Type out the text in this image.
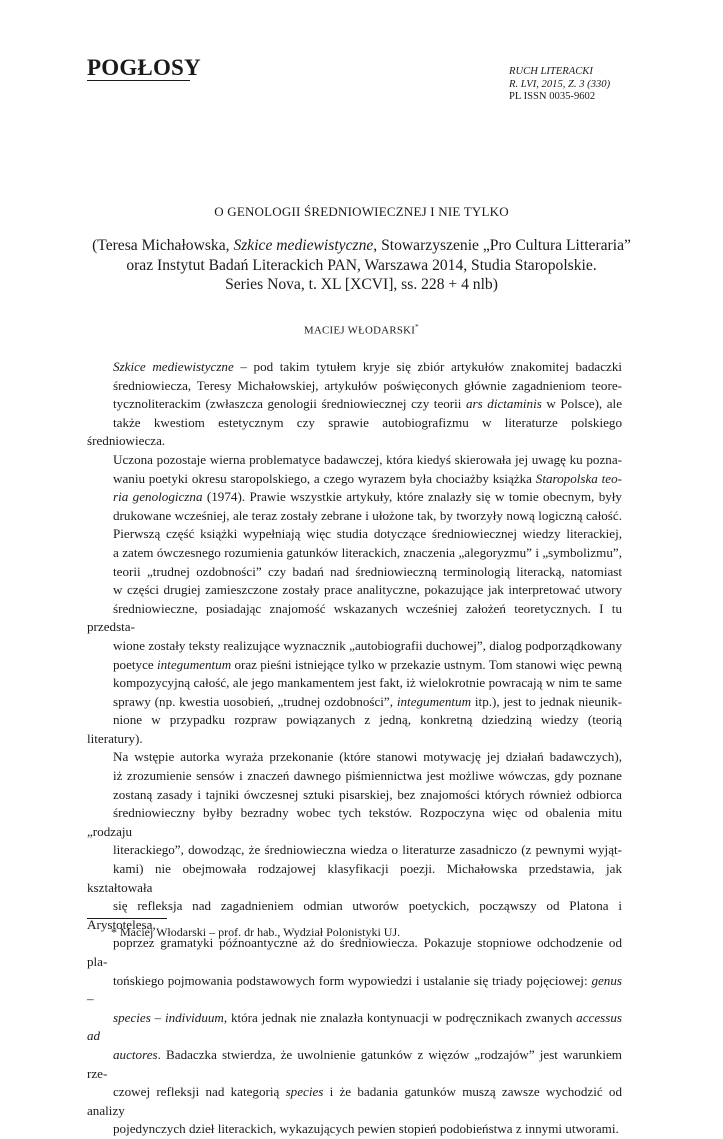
POGŁOSY	RUCH LITERACKI
R. LVI, 2015, Z. 3 (330)
PL ISSN 0035-9602
O GENOLOGII ŚREDNIOWIECZNEJ I NIE TYLKO
(Teresa Michałowska, Szkice mediewistyczne, Stowarzyszenie „Pro Cultura Litteraria”
oraz Instytut Badań Literackich PAN, Warszawa 2014, Studia Staropolskie.
Series Nova, t. XL [XCVI], ss. 228 + 4 nlb)
MACIEJ WŁODARSKI*

Szkice mediewistyczne – pod takim tytułem kryje się zbiór artykułów znakomitej badaczki
średniowiecza, Teresy Michałowskiej, artykułów poświęconych głównie zagadnieniom teore-
tycznoliterackim (zwłaszcza genologii średniowiecznej czy teorii ars dictaminis w Polsce), ale
także kwestiom estetycznym czy sprawie autobiografizmu w literaturze polskiego średniowiecza.
Uczona pozostaje wierna problematyce badawczej, która kiedyś skierowała jej uwagę ku pozna-
waniu poetyki okresu staropolskiego, a czego wyrazem była chociażby książka Staropolska teo-
ria genologiczna (1974). Prawie wszystkie artykuły, które znalazły się w tomie obecnym, były
drukowane wcześniej, ale teraz zostały zebrane i ułożone tak, by tworzyły nową logiczną całość.
Pierwszą część książki wypełniają więc studia dotyczące średniowiecznej wiedzy literackiej,
a zatem ówczesnego rozumienia gatunków literackich, znaczenia „alegoryzmu” i „symbolizmu”,
teorii „trudnej ozdobności” czy badań nad średniowieczną terminologią literacką, natomiast
w części drugiej zamieszczone zostały prace analityczne, pokazujące jak interpretować utwory
średniowieczne, posiadając znajomość wskazanych wcześniej założeń teoretycznych. I tu przedsta-
wione zostały teksty realizujące wyznacznik „autobiografii duchowej”, dialog podporządkowany
poetyce integumentum oraz pieśni istniejące tylko w przekazie ustnym. Tom stanowi więc pewną
kompozycyjną całość, ale jego mankamentem jest fakt, iż wielokrotnie powracają w nim te same
sprawy (np. kwestia uosobień, „trudnej ozdobności”, integumentum itp.), jest to jednak nieunik-
nione w przypadku rozpraw powiązanych z jedną, konkretną dziedziną wiedzy (teorią literatury).

Na wstępie autorka wyraża przekonanie (które stanowi motywację jej działań badawczych),
iż zrozumienie sensów i znaczeń dawnego piśmiennictwa jest możliwe wówczas, gdy poznane
zostaną zasady i tajniki ówczesnej sztuki pisarskiej, bez znajomości których również odbiorca
średniowieczny byłby bezradny wobec tych tekstów. Rozpoczyna więc od obalenia mitu „rodzaju
literackiego”, dowodząc, że średniowieczna wiedza o literaturze zasadniczo (z pewnymi wyjąt-
kami) nie obejmowała rodzajowej klasyfikacji poezji. Michałowska przedstawia, jak kształtowała
się refleksja nad zagadnieniem odmian utworów poetyckich, począwszy od Platona i Arystotelesa,
poprzez gramatyki późnoantyczne aż do średniowiecza. Pokazuje stopniowe odchodzenie od pla-
tońskiego pojmowania podstawowych form wypowiedzi i ustalanie się triady pojęciowej: genus –
species – individuum, która jednak nie znalazła kontynuacji w podręcznikach zwanych accessus ad
auctores. Badaczka stwierdza, że uwolnienie gatunków z więzów „rodzajów” jest warunkiem rze-
czowej refleksji nad kategorią species i że badania gatunków muszą zawsze wychodzić od analizy
pojedynczych dzieł literackich, wykazujących pewien stopień podobieństwa z innymi utworami.

* Maciej Włodarski – prof. dr hab., Wydział Polonistyki UJ.
